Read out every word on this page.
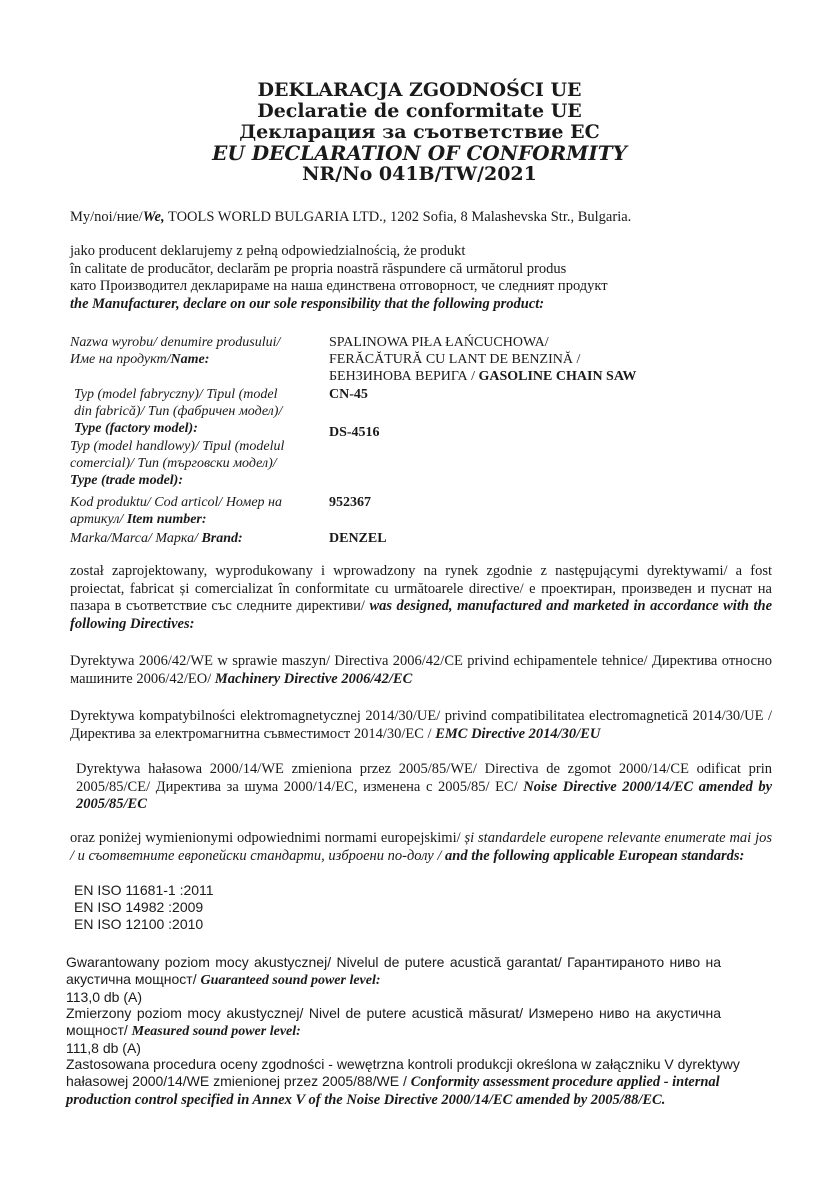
DEKLARACJA ZGODNOŚCI UE
Declaratie de conformitate UE
Декларация за съответствие ЕС
EU DECLARATION OF CONFORMITY
NR/No 041B/TW/2021
My/noi/ние/We, TOOLS WORLD BULGARIA LTD., 1202 Sofia, 8 Malashevska Str., Bulgaria.
jako producent deklarujemy z pełną odpowiedzialnością, że produkt
în calitate de producător, declarăm pe propria noastră răspundere că următorul produs
като Производител декларираме на наша единствена отговорност, че следният продукт
the Manufacturer, declare on our sole responsibility that the following product:
Nazwa wyrobu/ denumire produsului/
Име на продукт/Name:
SPALINOWA PIŁA ŁAŃCUCHOWA/
FERĂCĂTURĂ CU LANT DE BENZINĂ /
БЕНЗИНОВА ВЕРИГА / GASOLINE CHAIN SAW
Typ (model fabryczny)/ Tipul (model
din fabrică)/ Тип (фабричен модел)/
Type (factory model):
CN-45
Typ (model handlowy)/ Tipul (modelul
comercial)/ Тип (търговски модел)/
Type (trade model):
DS-4516
Kod produktu/ Cod articol/ Номер на
артикул/ Item number:
952367
Marka/Marca/ Марка/ Brand:	DENZEL
został zaprojektowany, wyprodukowany i wprowadzony na rynek zgodnie z następującymi dyrektywami/ a fost proiectat, fabricat și comercializat în conformitate cu următoarele directive/ е проектиран, произведен и пуснат на пазара в съответствие със следните директиви/ was designed, manufactured and marketed in accordance with the following Directives:
Dyrektywa 2006/42/WE w sprawie maszyn/ Directiva 2006/42/CE privind echipamentele tehnice/ Директива относно машините 2006/42/ЕО/ Machinery Directive 2006/42/EC
Dyrektywa kompatybilności elektromagnetycznej 2014/30/UE/ privind compatibilitatea electromagnetică 2014/30/UE / Директива за електромагнитна съвместимост 2014/30/ЕС / EMC Directive 2014/30/EU
Dyrektywa hałasowa 2000/14/WE zmieniona przez 2005/85/WE/ Directiva de zgomot 2000/14/CE odificat prin 2005/85/CE/ Директива за шума 2000/14/ЕС, изменена с 2005/85/ ЕС/ Noise Directive 2000/14/EC amended by 2005/85/EC
oraz poniżej wymienionymi odpowiednimi normami europejskimi/ și standardele europene relevante enumerate mai jos / и съответните европейски стандарти, изброени по-долу / and the following applicable European standards:
EN ISO 11681-1 :2011
EN ISO 14982 :2009
EN ISO 12100 :2010
Gwarantowany poziom mocy akustycznej/ Nivelul de putere acustică garantat/ Гарантираното ниво на акустична мощност/ Guaranteed sound power level:
113,0 db (A)
Zmierzony poziom mocy akustycznej/ Nivel de putere acustică măsurat/ Измерено ниво на акустична мощност/ Measured sound power level:
111,8 db (A)
Zastosowana procedura oceny zgodności - wewętrzna kontroli produkcji określona w załączniku V dyrektywy hałasowej 2000/14/WE zmienionej przez 2005/88/WE / Conformity assessment procedure applied - internal production control specified in Annex V of the Noise Directive 2000/14/EC amended by 2005/88/EC.
